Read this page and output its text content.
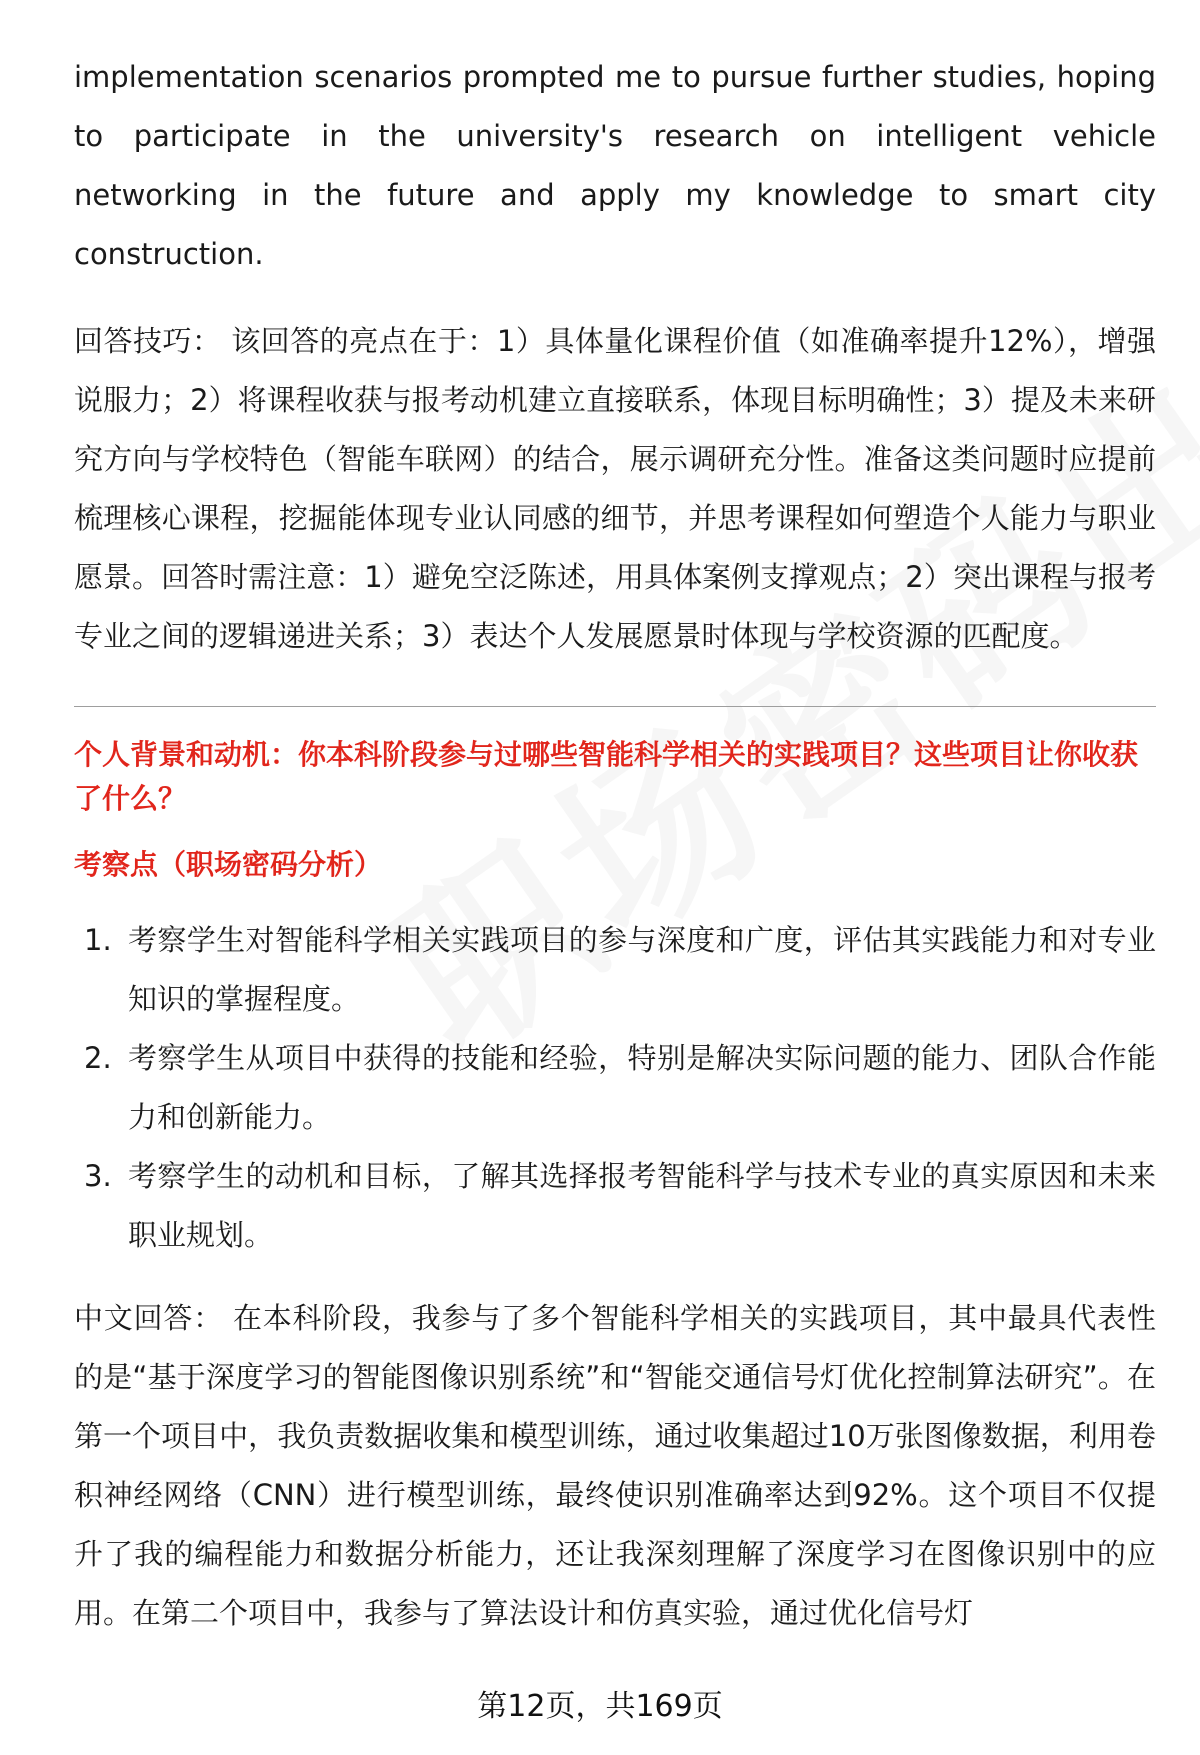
implementation scenarios prompted me to pursue further studies, hoping to participate in the university's research on intelligent vehicle networking in the future and apply my knowledge to smart city construction.

回答技巧： 该回答的亮点在于：1）具体量化课程价值（如准确率提升12%），增强说服力；2）将课程收获与报考动机建立直接联系，体现目标明确性；3）提及未来研究方向与学校特色（智能车联网）的结合，展示调研充分性。准备这类问题时应提前梳理核心课程，挖掘能体现专业认同感的细节，并思考课程如何塑造个人能力与职业愿景。回答时需注意：1）避免空泛陈述，用具体案例支撑观点；2）突出课程与报考专业之间的逻辑递进关系；3）表达个人发展愿景时体现与学校资源的匹配度。

个人背景和动机：你本科阶段参与过哪些智能科学相关的实践项目？这些项目让你收获了什么？
考察点（职场密码分析）
1. 考察学生对智能科学相关实践项目的参与深度和广度，评估其实践能力和对专业知识的掌握程度。
2. 考察学生从项目中获得的技能和经验，特别是解决实际问题的能力、团队合作能力和创新能力。
3. 考察学生的动机和目标，了解其选择报考智能科学与技术专业的真实原因和未来职业规划。

中文回答： 在本科阶段，我参与了多个智能科学相关的实践项目，其中最具代表性的是“基于深度学习的智能图像识别系统”和“智能交通信号灯优化控制算法研究”。在第一个项目中，我负责数据收集和模型训练，通过收集超过10万张图像数据，利用卷积神经网络（CNN）进行模型训练，最终使识别准确率达到92%。这个项目不仅提升了我的编程能力和数据分析能力，还让我深刻理解了深度学习在图像识别中的应用。在第二个项目中，我参与了算法设计和仿真实验，通过优化信号灯

第12页，共169页
